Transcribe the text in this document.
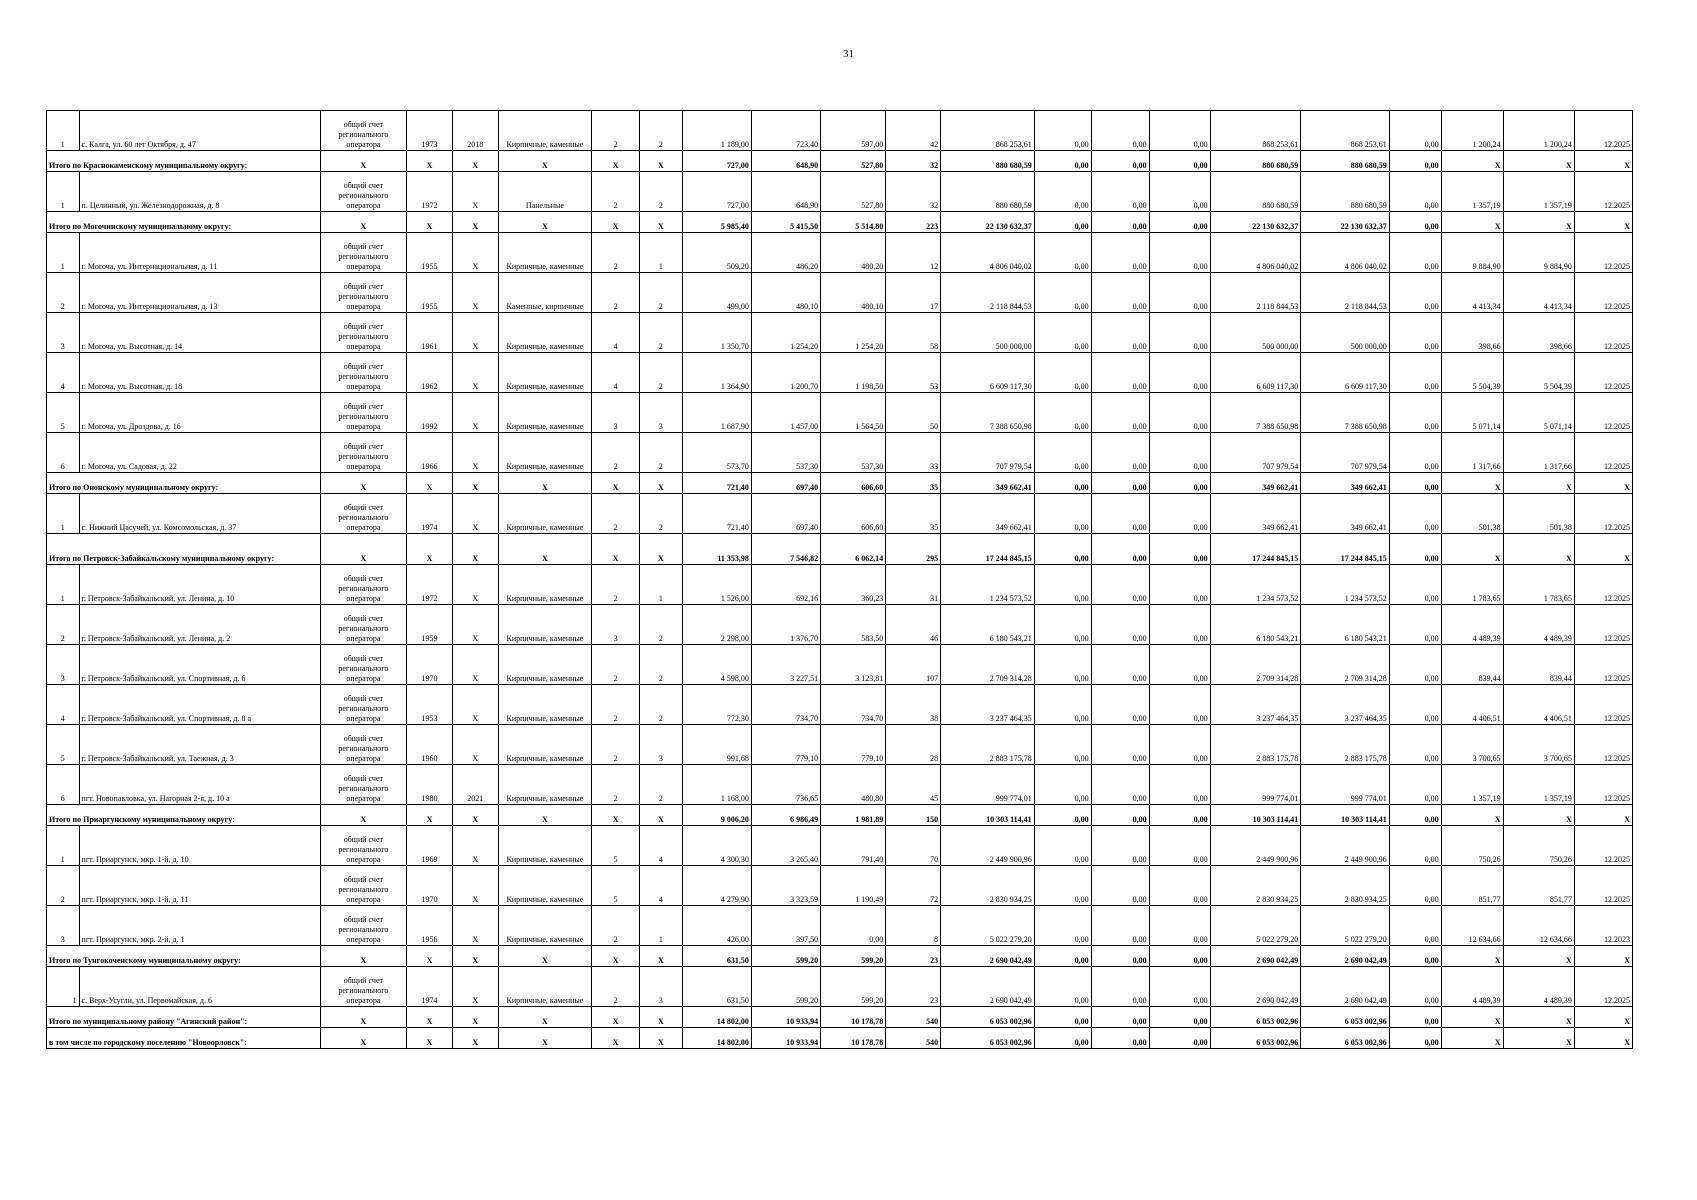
31
1	с. Калга, ул. 60 лет Октября, д. 47	общий счет регионального оператора	1973	2018	Кирпичные, каменные	2	2	1 189,00	723,40	597,00	42	868 253,61	0,00	0,00	0,00	868 253,61	868 253,61	0,00	1 200,24	1 200,24	12.2025
Итого по Краснокаменскому муниципальному округу:		X	X	X	X	X	X	727,00	648,90	527,80	32	880 680,59	0,00	0,00	0,00	880 680,59	880 680,59	0,00	X	X	X
1	п. Целинный, ул. Железнодорожная, д. 8	общий счет регионального оператора	1972	X	Панельные	2	2	727,00	648,90	527,80	32	880 680,59	0,00	0,00	0,00	880 680,59	880 680,59	0,00	1 357,19	1 357,19	12.2025
Итого по Могочинскому муниципальному округу:		X	X	X	X	X	X	5 985,40	5 415,50	5 514,80	223	22 130 632,37	0,00	0,00	0,00	22 130 632,37	22 130 632,37	0,00	X	X	X
1	г. Могоча, ул. Интернациональная, д. 11	общий счет регионального оператора	1955	X	Кирпичные, каменные	2	1	509,20	486,20	480,20	12	4 806 040,02	0,00	0,00	0,00	4 806 040,02	4 806 040,02	0,00	9 884,90	9 884,90	12.2025
2	г. Могоча, ул. Интернациональная, д. 13	общий счет регионального оператора	1955	X	Каменные, кирпичные	2	2	499,00	480,10	480,10	17	2 118 844,53	0,00	0,00	0,00	2 118 844,53	2 118 844,53	0,00	4 413,34	4 413,34	12.2025
3	г. Могоча, ул. Высотная, д. 14	общий счет регионального оператора	1961	X	Кирпичные, каменные	4	2	1 350,70	1 254,20	1 254,20	58	500 000,00	0,00	0,00	0,00	500 000,00	500 000,00	0,00	398,66	398,66	12.2025
4	г. Могоча, ул. Высотная, д. 18	общий счет регионального оператора	1962	X	Кирпичные, каменные	4	2	1 364,90	1 200,70	1 198,50	53	6 609 117,30	0,00	0,00	0,00	6 609 117,30	6 609 117,30	0,00	5 504,39	5 504,39	12.2025
5	г. Могоча, ул. Дроздова, д. 16	общий счет регионального оператора	1992	X	Кирпичные, каменные	3	3	1 687,90	1 457,00	1 564,50	50	7 388 650,98	0,00	0,00	0,00	7 388 650,98	7 388 650,98	0,00	5 071,14	5 071,14	12.2025
6	г. Могоча, ул. Садовая, д. 22	общий счет регионального оператора	1966	X	Кирпичные, каменные	2	2	573,70	537,30	537,30	33	707 979,54	0,00	0,00	0,00	707 979,54	707 979,54	0,00	1 317,66	1 317,66	12.2025
Итого по Ононскому муниципальному округу:		X	X	X	X	X	X	721,40	697,40	606,60	35	349 662,41	0,00	0,00	0,00	349 662,41	349 662,41	0,00	X	X	X
1	с. Нижний Цасучей, ул. Комсомольская, д. 37	общий счет регионального оператора	1974	X	Кирпичные, каменные	2	2	721,40	697,40	606,60	35	349 662,41	0,00	0,00	0,00	349 662,41	349 662,41	0,00	501,38	501,38	12.2025
Итого по Петровск-Забайкальскому муниципальному округу:		X	X	X	X	X	X	11 353,98	7 546,82	6 062,14	295	17 244 845,15	0,00	0,00	0,00	17 244 845,15	17 244 845,15	0,00	X	X	X
1	г. Петровск-Забайкальский, ул. Ленина, д. 10	общий счет регионального оператора	1972	X	Кирпичные, каменные	2	1	1 526,00	692,16	360,23	31	1 234 573,52	0,00	0,00	0,00	1 234 573,52	1 234 573,52	0,00	1 783,65	1 783,65	12.2025
2	г. Петровск-Забайкальский, ул. Ленина, д. 2	общий счет регионального оператора	1959	X	Кирпичные, каменные	3	2	2 298,00	1 376,70	583,50	46	6 180 543,21	0,00	0,00	0,00	6 180 543,21	6 180 543,21	0,00	4 489,39	4 489,39	12.2025
3	г. Петровск-Забайкальский, ул. Спортивная, д. 6	общий счет регионального оператора	1970	X	Кирпичные, каменные	2	2	4 598,00	3 227,51	3 123,81	107	2 709 314,28	0,00	0,00	0,00	2 709 314,28	2 709 314,28	0,00	839,44	839,44	12.2025
4	г. Петровск-Забайкальский, ул. Спортивная, д. 8 а	общий счет регионального оператора	1953	X	Кирпичные, каменные	2	2	772,30	734,70	734,70	38	3 237 464,35	0,00	0,00	0,00	3 237 464,35	3 237 464,35	0,00	4 406,51	4 406,51	12.2025
5	г. Петровск-Забайкальский, ул. Таежная, д. 3	общий счет регионального оператора	1960	X	Кирпичные, каменные	2	3	991,68	779,10	779,10	28	2 883 175,78	0,00	0,00	0,00	2 883 175,78	2 883 175,78	0,00	3 700,65	3 700,65	12.2025
6	пгт. Новопавловка, ул. Нагорная 2-я, д. 10 а	общий счет регионального оператора	1980	2021	Кирпичные, каменные	2	2	1 168,00	736,65	480,80	45	999 774,01	0,00	0,00	0,00	999 774,01	999 774,01	0,00	1 357,19	1 357,19	12.2025
Итого по Приаргунскому муниципальному округу:		X	X	X	X	X	X	9 006,20	6 986,49	1 981,89	150	10 303 114,41	0,00	0,00	0,00	10 303 114,41	10 303 114,41	0,00	X	X	X
1	пгт. Приаргунск, мкр. 1-й, д. 10	общий счет регионального оператора	1969	X	Кирпичные, каменные	5	4	4 300,30	3 265,40	791,40	70	2 449 900,96	0,00	0,00	0,00	2 449 900,96	2 449 900,96	0,00	750,26	750,26	12.2025
2	пгт. Приаргунск, мкр. 1-й, д. 11	общий счет регионального оператора	1970	X	Кирпичные, каменные	5	4	4 279,90	3 323,59	1 190,49	72	2 830 934,25	0,00	0,00	0,00	2 830 934,25	2 830 934,25	0,00	851,77	851,77	12.2025
3	пгт. Приаргунск, мкр. 2-й, д. 1	общий счет регионального оператора	1956	X	Кирпичные, каменные	2	1	426,00	397,50	0,00	8	5 022 279,20	0,00	0,00	0,00	5 022 279,20	5 022 279,20	0,00	12 634,66	12 634,66	12.2023
Итого по Тунгокоченскому муниципальному округу:		X	X	X	X	X	X	631,50	599,20	599,20	23	2 690 042,49	0,00	0,00	0,00	2 690 042,49	2 690 042,49	0,00	X	X	X
1	с. Верх-Усугли, ул. Первомайская, д. 6	общий счет регионального оператора	1974	X	Кирпичные, каменные	2	3	631,50	599,20	599,20	23	2 690 042,49	0,00	0,00	0,00	2 690 042,49	2 690 042,49	0,00	4 489,39	4 489,39	12.2025
Итого по муниципальному району "Агинский район":		X	X	X	X	X	X	14 802,00	10 933,94	10 178,78	540	6 053 002,96	0,00	0,00	0,00	6 053 002,96	6 053 002,96	0,00	X	X	X
в том числе по городскому поселению "Новоорловск":		X	X	X	X	X	X	14 802,00	10 933,94	10 178,78	540	6 053 002,96	0,00	0,00	0,00	6 053 002,96	6 053 002,96	0,00	X	X	X
